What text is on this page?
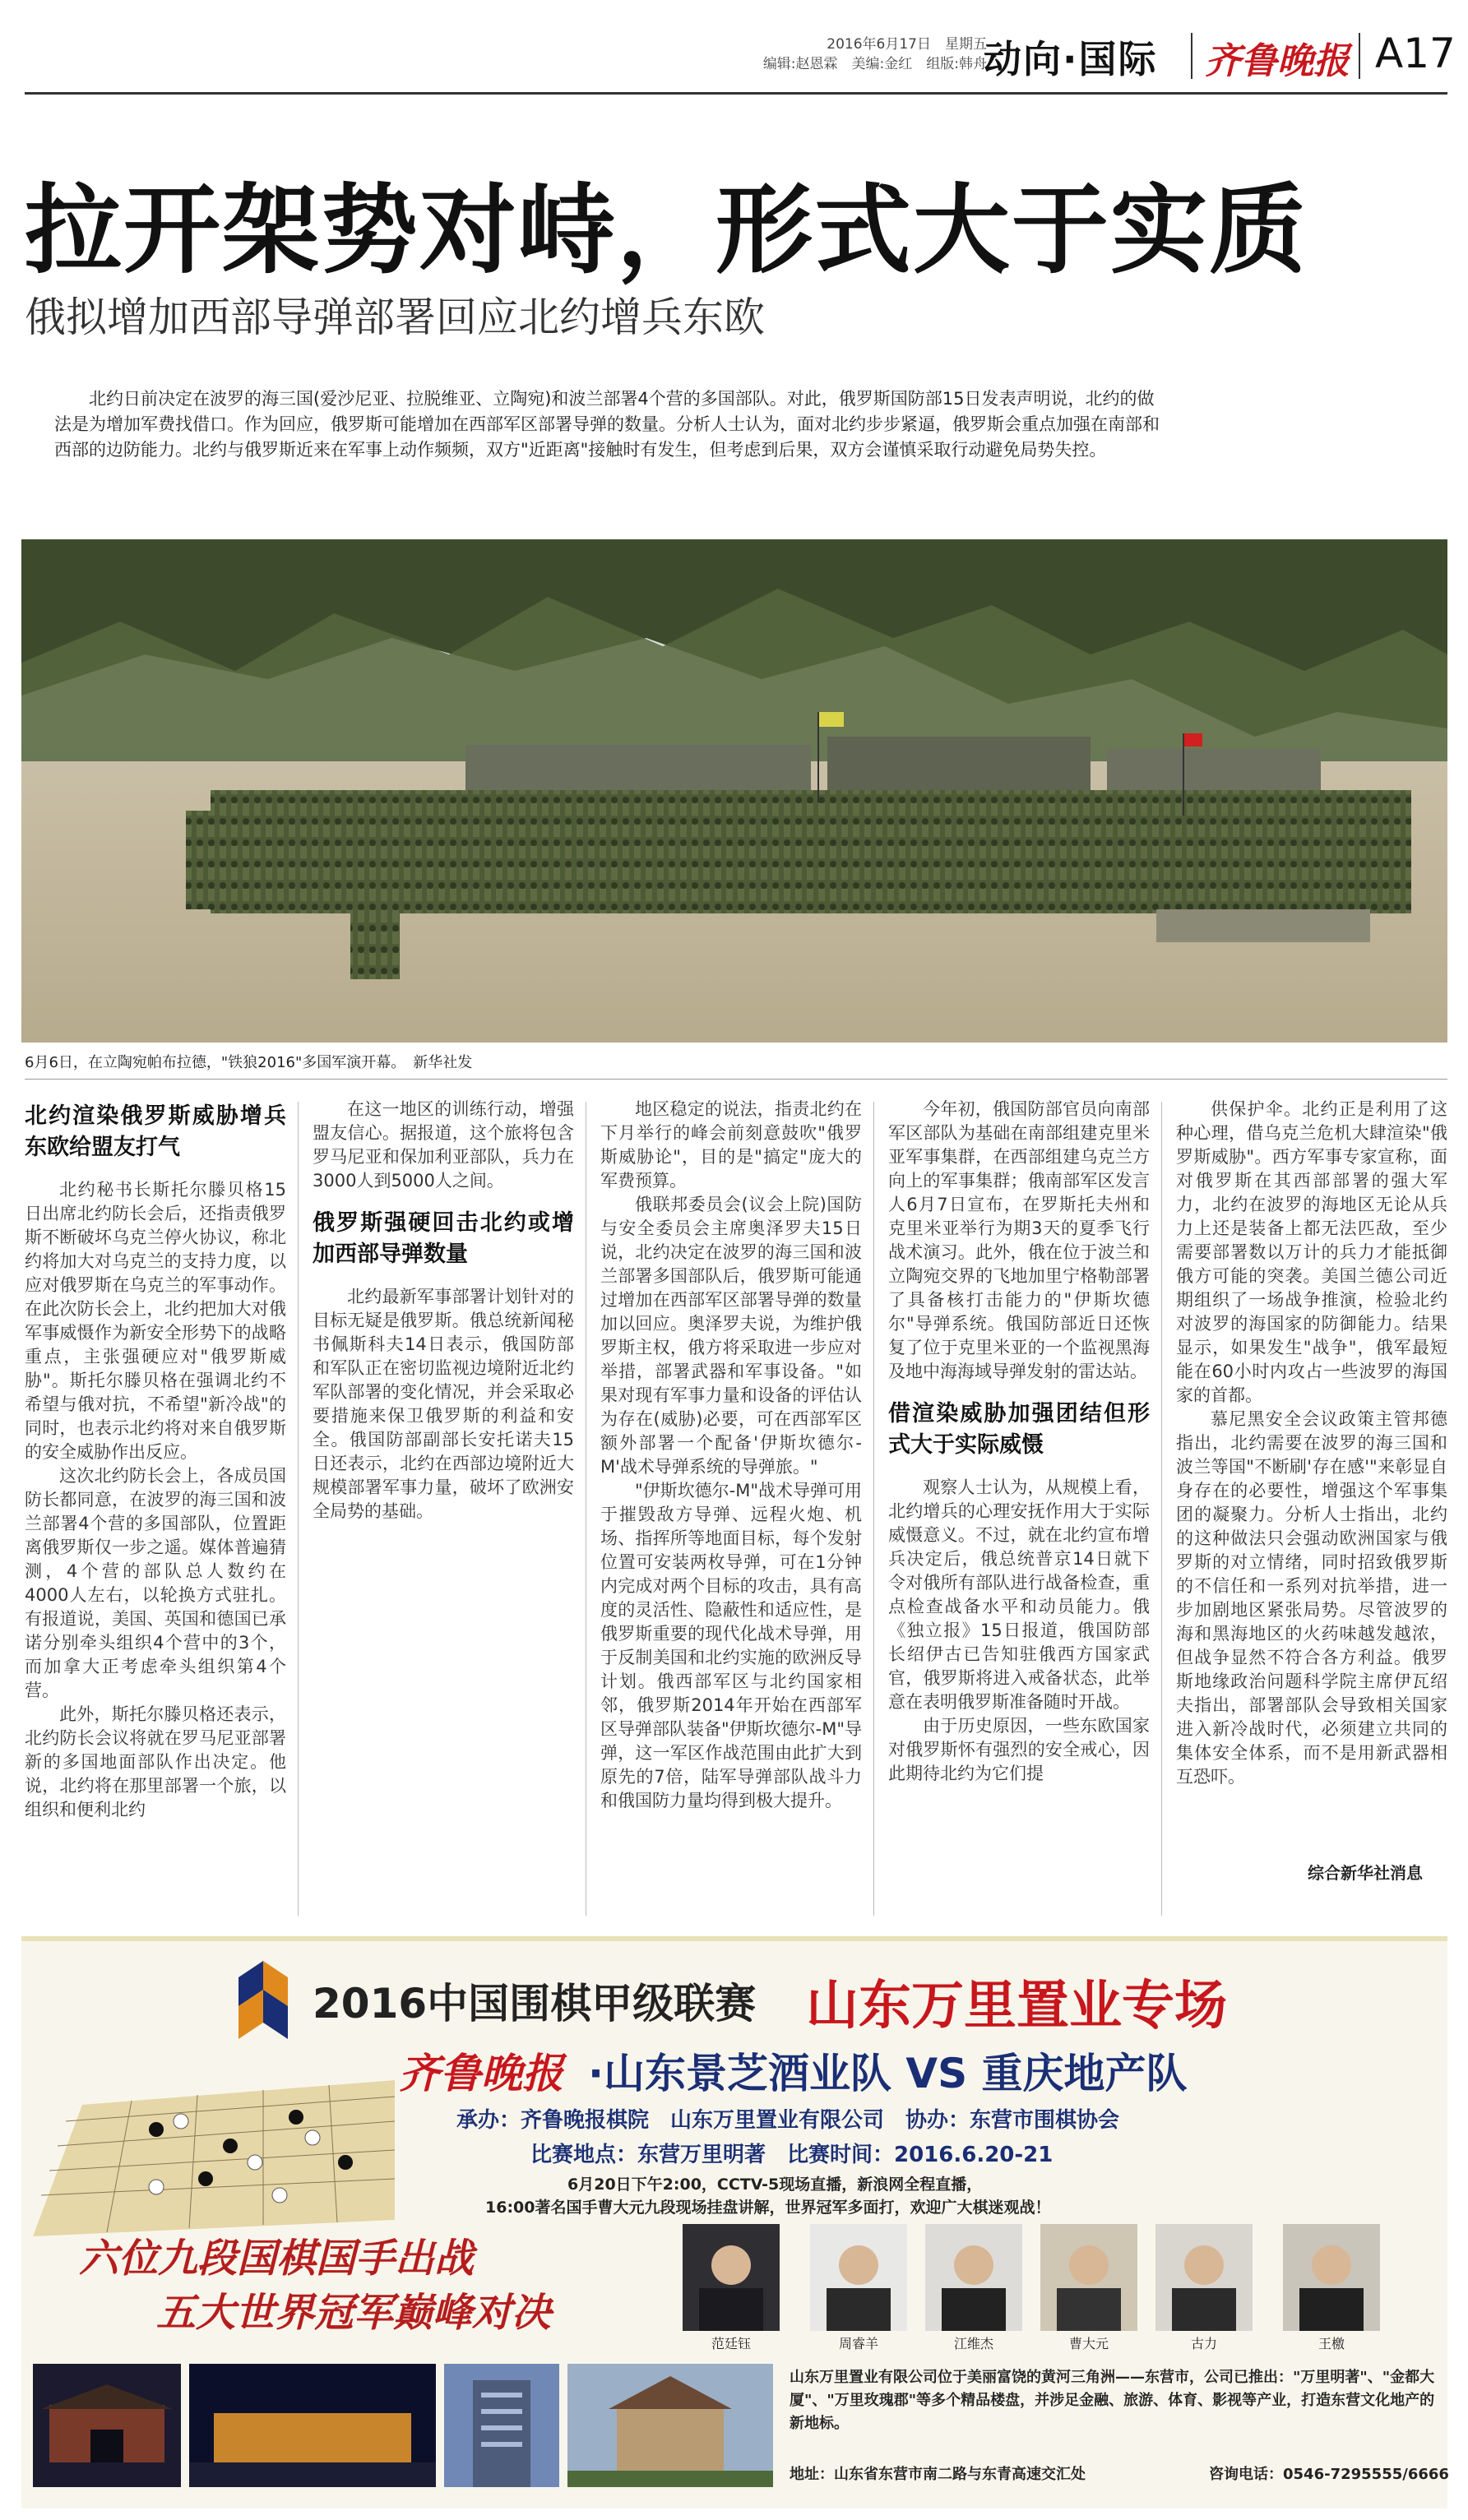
2016年6月17日　星期五
编辑:赵恩霖　美编:金红　组版:韩舟
动向·国际 齐鲁晚报 A17
拉开架势对峙，形式大于实质
俄拟增加西部导弹部署回应北约增兵东欧
北约日前决定在波罗的海三国(爱沙尼亚、拉脱维亚、立陶宛)和波兰部署4个营的多国部队。对此，俄罗斯国防部15日发表声明说，北约的做法是为增加军费找借口。作为回应，俄罗斯可能增加在西部军区部署导弹的数量。分析人士认为，面对北约步步紧逼，俄罗斯会重点加强在南部和西部的边防能力。北约与俄罗斯近来在军事上动作频频，双方"近距离"接触时有发生，但考虑到后果，双方会谨慎采取行动避免局势失控。
6月6日，在立陶宛帕布拉德，"铁狼2016"多国军演开幕。　新华社发
北约渲染俄罗斯威胁增兵东欧给盟友打气

北约秘书长斯托尔滕贝格15日出席北约防长会后，还指责俄罗斯不断破坏乌克兰停火协议，称北约将加大对乌克兰的支持力度，以应对俄罗斯在乌克兰的军事动作。在此次防长会上，北约把加大对俄军事威慑作为新安全形势下的战略重点，主张强硬应对"俄罗斯威胁"。斯托尔滕贝格在强调北约不希望与俄对抗，不希望"新冷战"的同时，也表示北约将对来自俄罗斯的安全威胁作出反应。

这次北约防长会上，各成员国防长都同意，在波罗的海三国和波兰部署4个营的多国部队，位置距离俄罗斯仅一步之遥。媒体普遍猜测，4个营的部队总人数约在4000人左右，以轮换方式驻扎。有报道说，美国、英国和德国已承诺分别牵头组织4个营中的3个，而加拿大正考虑牵头组织第4个营。

此外，斯托尔滕贝格还表示，北约防长会议将就在罗马尼亚部署新的多国地面部队作出决定。他说，北约将在那里部署一个旅，以组织和便利北约

在这一地区的训练行动，增强盟友信心。据报道，这个旅将包含罗马尼亚和保加利亚部队，兵力在3000人到5000人之间。

俄罗斯强硬回击北约或增加西部导弹数量

北约最新军事部署计划针对的目标无疑是俄罗斯。俄总统新闻秘书佩斯科夫14日表示，俄国防部和军队正在密切监视边境附近北约军队部署的变化情况，并会采取必要措施来保卫俄罗斯的利益和安全。俄国防部副部长安托诺夫15日还表示，北约在西部边境附近大规模部署军事力量，破坏了欧洲安全局势的基础。

地区稳定的说法，指责北约在下月举行的峰会前刻意鼓吹"俄罗斯威胁论"，目的是"搞定"庞大的军费预算。

俄联邦委员会(议会上院)国防与安全委员会主席奥泽罗夫15日说，北约决定在波罗的海三国和波兰部署多国部队后，俄罗斯可能通过增加在西部军区部署导弹的数量加以回应。奥泽罗夫说，为维护俄罗斯主权，俄方将采取进一步应对举措，部署武器和军事设备。"如果对现有军事力量和设备的评估认为存在(威胁)必要，可在西部军区额外部署一个配备'伊斯坎德尔-M'战术导弹系统的导弹旅。"

"伊斯坎德尔-M"战术导弹可用于摧毁敌方导弹、远程火炮、机场、指挥所等地面目标，每个发射位置可安装两枚导弹，可在1分钟内完成对两个目标的攻击，具有高度的灵活性、隐蔽性和适应性，是俄罗斯重要的现代化战术导弹，用于反制美国和北约实施的欧洲反导计划。俄西部军区与北约国家相邻，俄罗斯2014年开始在西部军区导弹部队装备"伊斯坎德尔-M"导弹，这一军区作战范围由此扩大到原先的7倍，陆军导弹部队战斗力和俄国防力量均得到极大提升。

今年初，俄国防部官员向南部军区部队为基础在南部组建克里米亚军事集群，在西部组建乌克兰方向上的军事集群；俄南部军区发言人6月7日宣布，在罗斯托夫州和克里米亚举行为期3天的夏季飞行战术演习。此外，俄在位于波兰和立陶宛交界的飞地加里宁格勒部署了具备核打击能力的"伊斯坎德尔"导弹系统。俄国防部近日还恢复了位于克里米亚的一个监视黑海及地中海海域导弹发射的雷达站。

借渲染威胁加强团结但形式大于实际威慑

观察人士认为，从规模上看，北约增兵的心理安抚作用大于实际威慑意义。不过，就在北约宣布增兵决定后，俄总统普京14日就下令对俄所有部队进行战备检查，重点检查战备水平和动员能力。俄《独立报》15日报道，俄国防部长绍伊古已告知驻俄西方国家武官，俄罗斯将进入戒备状态，此举意在表明俄罗斯准备随时开战。

由于历史原因，一些东欧国家对俄罗斯怀有强烈的安全戒心，因此期待北约为它们提

供保护伞。北约正是利用了这种心理，借乌克兰危机大肆渲染"俄罗斯威胁"。西方军事专家宣称，面对俄罗斯在其西部部署的强大军力，北约在波罗的海地区无论从兵力上还是装备上都无法匹敌，至少需要部署数以万计的兵力才能抵御俄方可能的突袭。美国兰德公司近期组织了一场战争推演，检验北约对波罗的海国家的防御能力。结果显示，如果发生"战争"，俄军最短能在60小时内攻占一些波罗的海国家的首都。

慕尼黑安全会议政策主管邦德指出，北约需要在波罗的海三国和波兰等国"不断刷'存在感'"来彰显自身存在的必要性，增强这个军事集团的凝聚力。分析人士指出，北约的这种做法只会强动欧洲国家与俄罗斯的对立情绪，同时招致俄罗斯的不信任和一系列对抗举措，进一步加剧地区紧张局势。尽管波罗的海和黑海地区的火药味越发越浓，但战争显然不符合各方利益。俄罗斯地缘政治问题科学院主席伊瓦绍夫指出，部署部队会导致相关国家进入新冷战时代，必须建立共同的集体安全体系，而不是用新武器相互恐吓。

综合新华社消息
2016中国围棋甲级联赛 山东万里置业专场
齐鲁晚报 ·山东景芝酒业队 VS 重庆地产队
承办：齐鲁晚报棋院　山东万里置业有限公司　协办：东营市围棋协会
比赛地点：东营万里明著　比赛时间：2016.6.20-21
6月20日下午2:00，CCTV-5现场直播，新浪网全程直播，
16:00著名国手曹大元九段现场挂盘讲解，世界冠军多面打，欢迎广大棋迷观战！
六位九段国棋国手出战
五大世界冠军巅峰对决
范廷钰	周睿羊	江维杰	曹大元	古力	王檄
山东万里置业有限公司位于美丽富饶的黄河三角洲——东营市，公司已推出："万里明著"、"金都大厦"、"万里玫瑰郡"等多个精品楼盘，并涉足金融、旅游、体育、影视等产业，打造东营文化地产的新地标。
地址：山东省东营市南二路与东青高速交汇处	咨询电话：0546-7295555/6666
